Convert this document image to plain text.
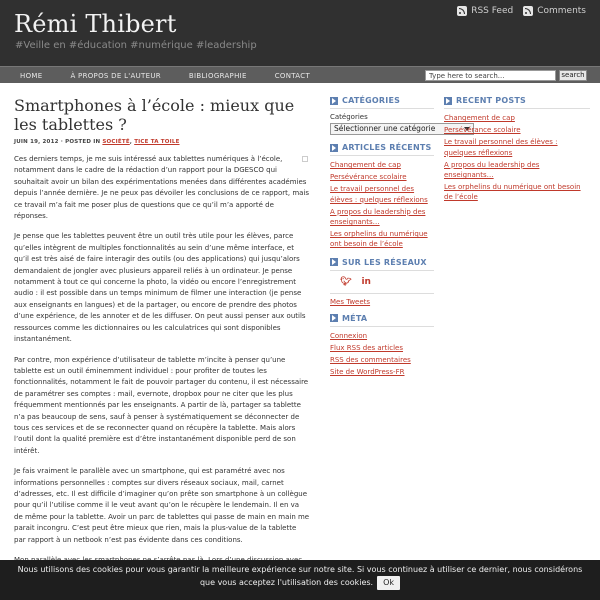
Rémi Thibert
#Veille en #éducation #numérique #leadership
RSS Feed	Comments
HOME	À PROPOS DE L'AUTEUR	BIBLIOGRAPHIE	CONTACT
Type here to search...	search
Smartphones à l’école : mieux que les tablettes ?
JUIN 19, 2012 · POSTED IN SOCIÉTÉ, TICE TA TOILE

Ces derniers temps, je me suis intéressé aux tablettes numériques à l’école, notamment dans le cadre de la rédaction d’un rapport pour la DGESCO qui souhaitait avoir un bilan des expérimentations menées dans différentes académies depuis l’année dernière. Je ne peux pas dévoiler les conclusions de ce rapport, mais ce travail m’a fait me poser plus de questions que ce qu’il m’a apporté de réponses.

Je pense que les tablettes peuvent être un outil très utile pour les élèves, parce qu’elles intègrent de multiples fonctionnalités au sein d’une même interface, et qu’il est très aisé de faire interagir des outils (ou des applications) qui jusqu’alors demandaient de jongler avec plusieurs appareil reliés à un ordinateur. Je pense notamment à tout ce qui concerne la photo, la vidéo ou encore l’enregistrement audio : il est possible dans un temps minimum de filmer une interaction (je pense aux enseignants en langues) et de la partager, ou encore de prendre des photos d’une expérience, de les annoter et de les diffuser. On peut aussi penser aux outils ressources comme les dictionnaires ou les calculatrices qui sont disponibles instantanément.

Par contre, mon expérience d’utilisateur de tablette m’incite à penser qu’une tablette est un outil éminemment individuel : pour profiter de toutes les fonctionnalités, notamment le fait de pouvoir partager du contenu, il est nécessaire de paramétrer ses comptes : mail, evernote, dropbox pour ne citer que les plus fréquemment mentionnés par les enseignants. A partir de là, partager sa tablette n’a pas beaucoup de sens, sauf à penser à systématiquement se déconnecter de tous ces services et de se reconnecter quand on récupère la tablette. Mais alors l’outil dont la qualité première est d’être instantanément disponible perd de son intérêt.

Je fais vraiment le parallèle avec un smartphone, qui est paramétré avec nos informations personnelles : comptes sur divers réseaux sociaux, mail, carnet d’adresses, etc. Il est difficile d’imaginer qu’on prête son smartphone à un collègue pour qu’il l’utilise comme il le veut avant qu’on le récupère le lendemain. Il en va de même pour la tablette. Avoir un parc de tablettes qui passe de main en main me parait incongru. C’est peut être mieux que rien, mais la plus-value de la tablette par rapport à un netbook n’est pas évidente dans ces conditions.

CATÉGORIES
Catégories
Sélectionner une catégorie
ARTICLES RÉCENTS
Changement de cap
Persévérance scolaire
Le travail personnel des élèves : quelques réflexions
A propos du leadership des enseignants…
Les orphelins du numérique ont besoin de l’école
SUR LES RÉSEAUX
🐦︎ in
Mes Tweets
MÉTA
Connexion
Flux RSS des articles
RSS des commentaires
Site de WordPress-FR
RECENT POSTS
Changement de cap
Persévérance scolaire
Le travail personnel des élèves : quelques réflexions
A propos du leadership des enseignants…
Les orphelins du numérique ont besoin de l’école
Nous utilisons des cookies pour vous garantir la meilleure expérience sur notre site. Si vous continuez à utiliser ce dernier, nous considérons que vous acceptez l'utilisation des cookies. Ok
